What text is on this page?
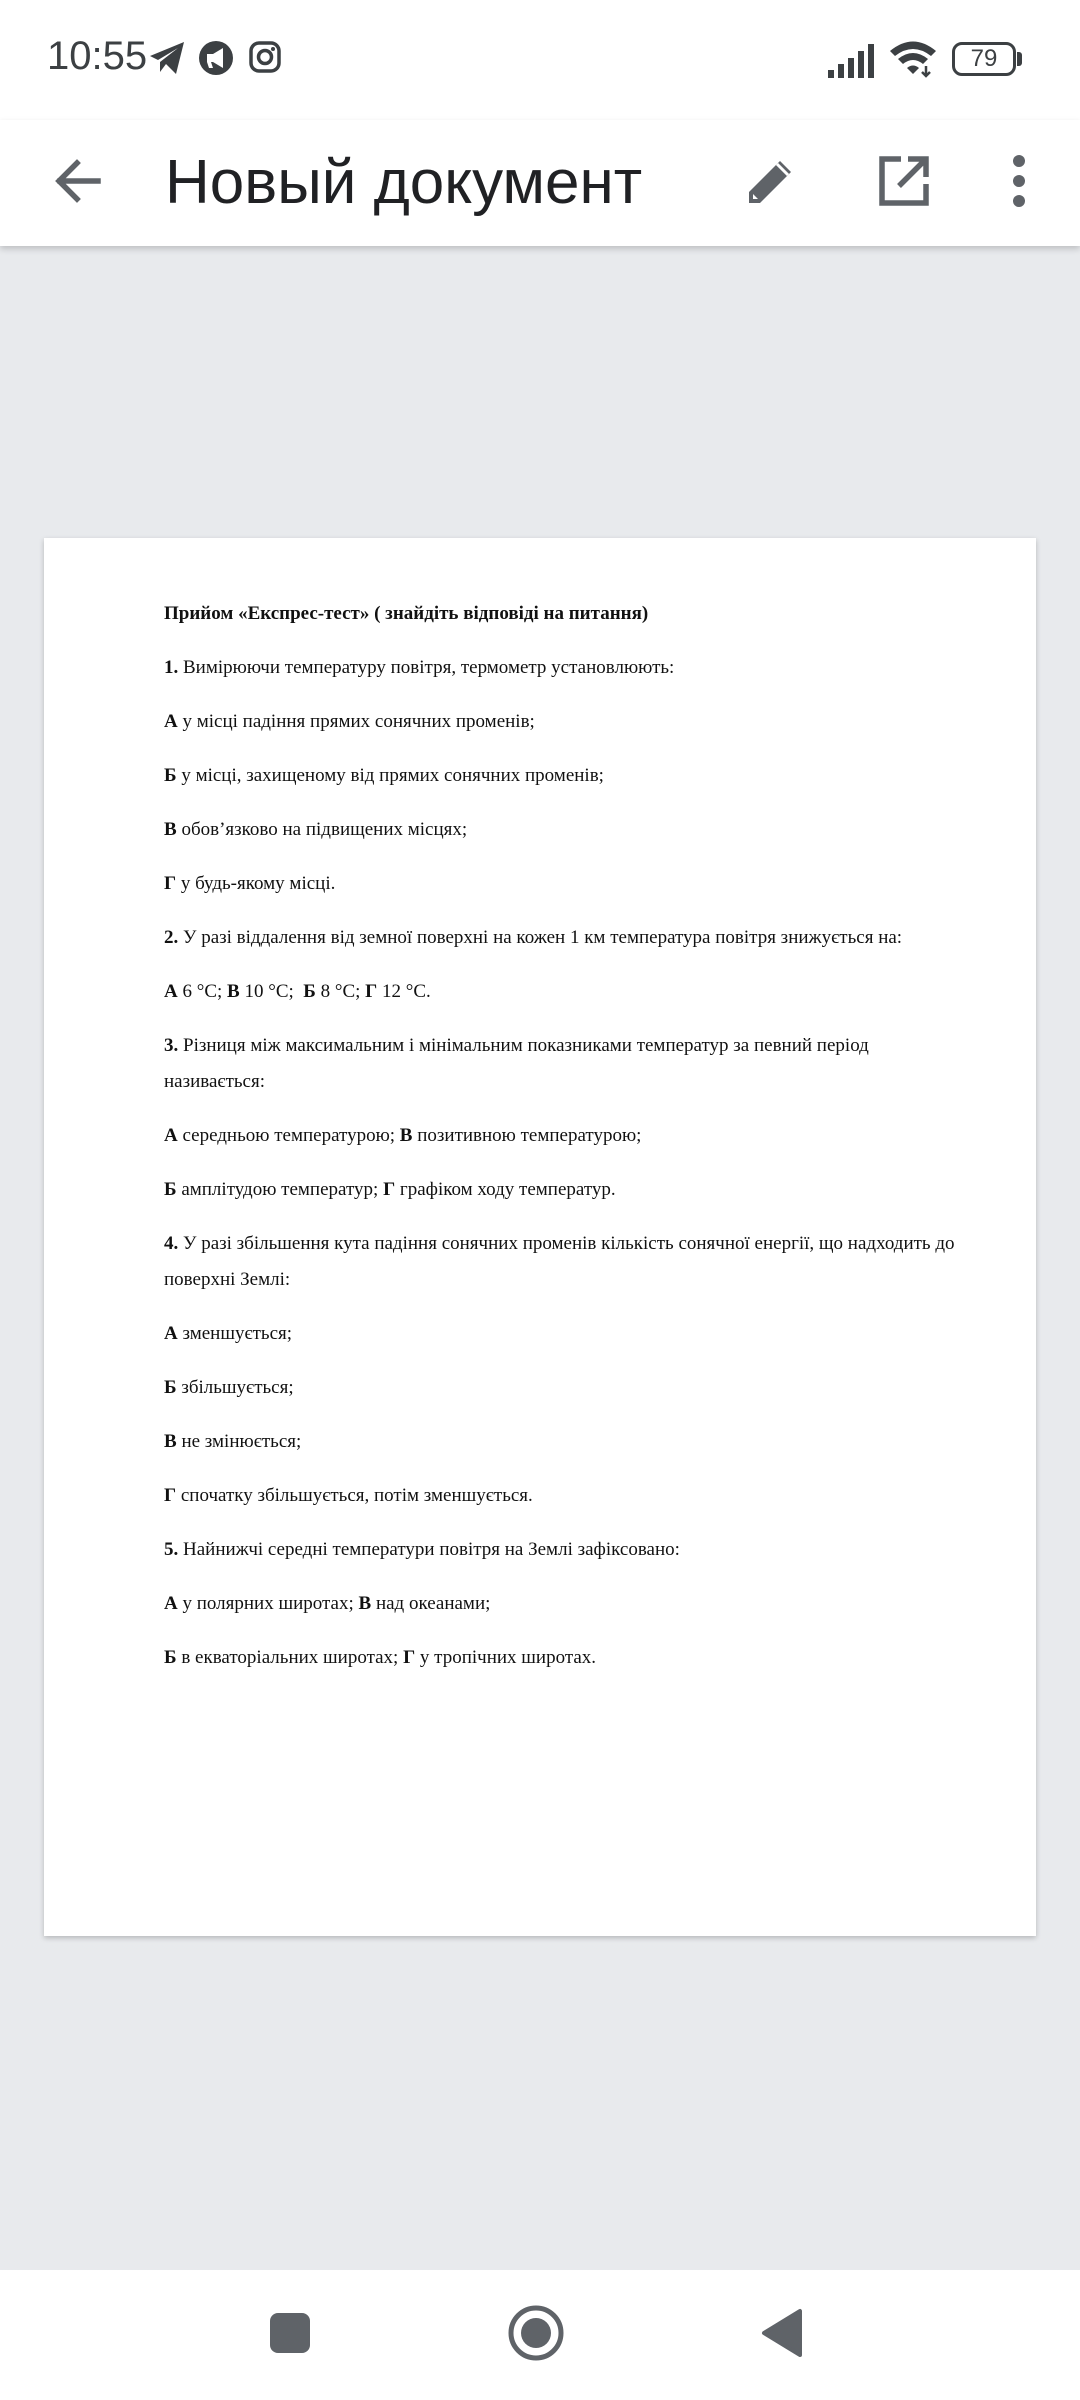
10:55	79
Новый документ

Прийом «Експрес-тест» ( знайдіть відповіді на питання)

1. Вимірюючи температуру повітря, термометр установлюють:

А у місці падіння прямих сонячних променів;

Б у місці, захищеному від прямих сонячних променів;

В обов’язково на підвищених місцях;

Г у будь-якому місці.

2. У разі віддалення від земної поверхні на кожен 1 км температура повітря знижується на:

А 6 °С; В 10 °С;  Б 8 °С; Г 12 °С.

3. Різниця між максимальним і мінімальним показниками температур за певний період називається:

А середньою температурою; В позитивною температурою;

Б амплітудою температур; Г графіком ходу температур.

4. У разі збільшення кута падіння сонячних променів кількість сонячної енергії, що надходить до поверхні Землі:

А зменшується;

Б збільшується;

В не змінюється;

Г спочатку збільшується, потім зменшується.

5. Найнижчі середні температури повітря на Землі зафіксовано:

А у полярних широтах; В над океанами;

Б в екваторіальних широтах; Г у тропічних широтах.
